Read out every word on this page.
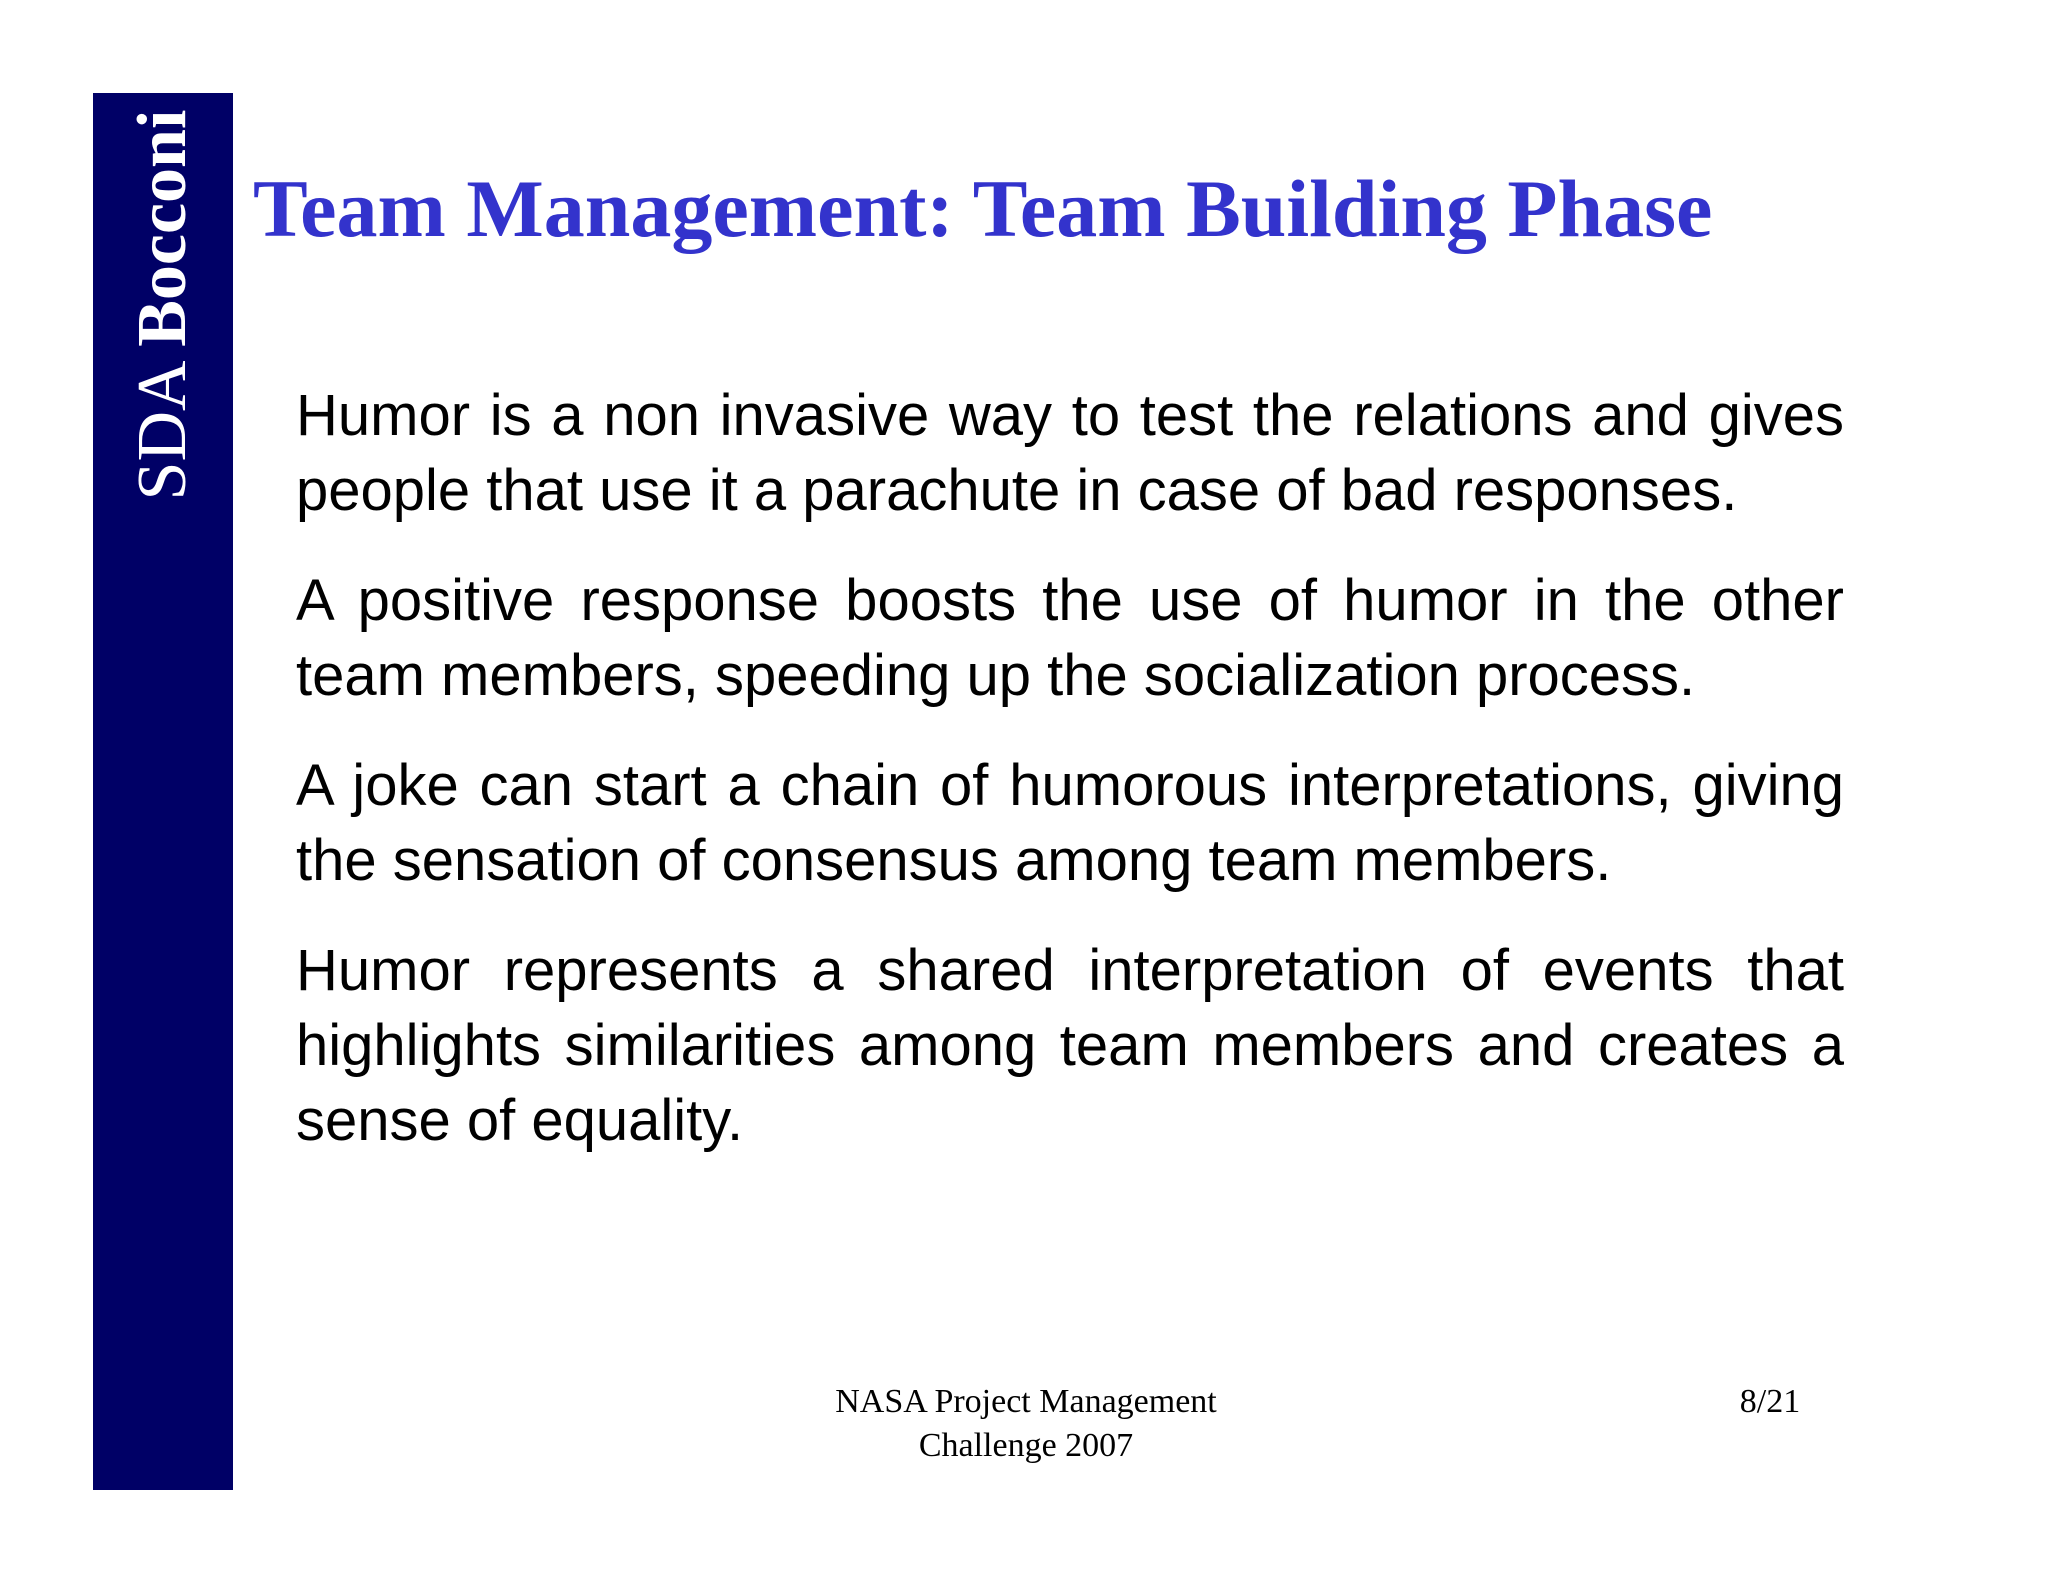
SDA Bocconi Team Management: Team Building Phase

Humor is a non invasive way to test the relations and gives people that use it a parachute in case of bad responses.

A positive response boosts the use of humor in the other team members, speeding up the socialization process.

A joke can start a chain of humorous interpretations, giving the sensation of consensus among team members.

Humor represents a shared interpretation of events that highlights similarities among team members and creates a sense of equality.

NASA Project Management
Challenge 2007
8/21
